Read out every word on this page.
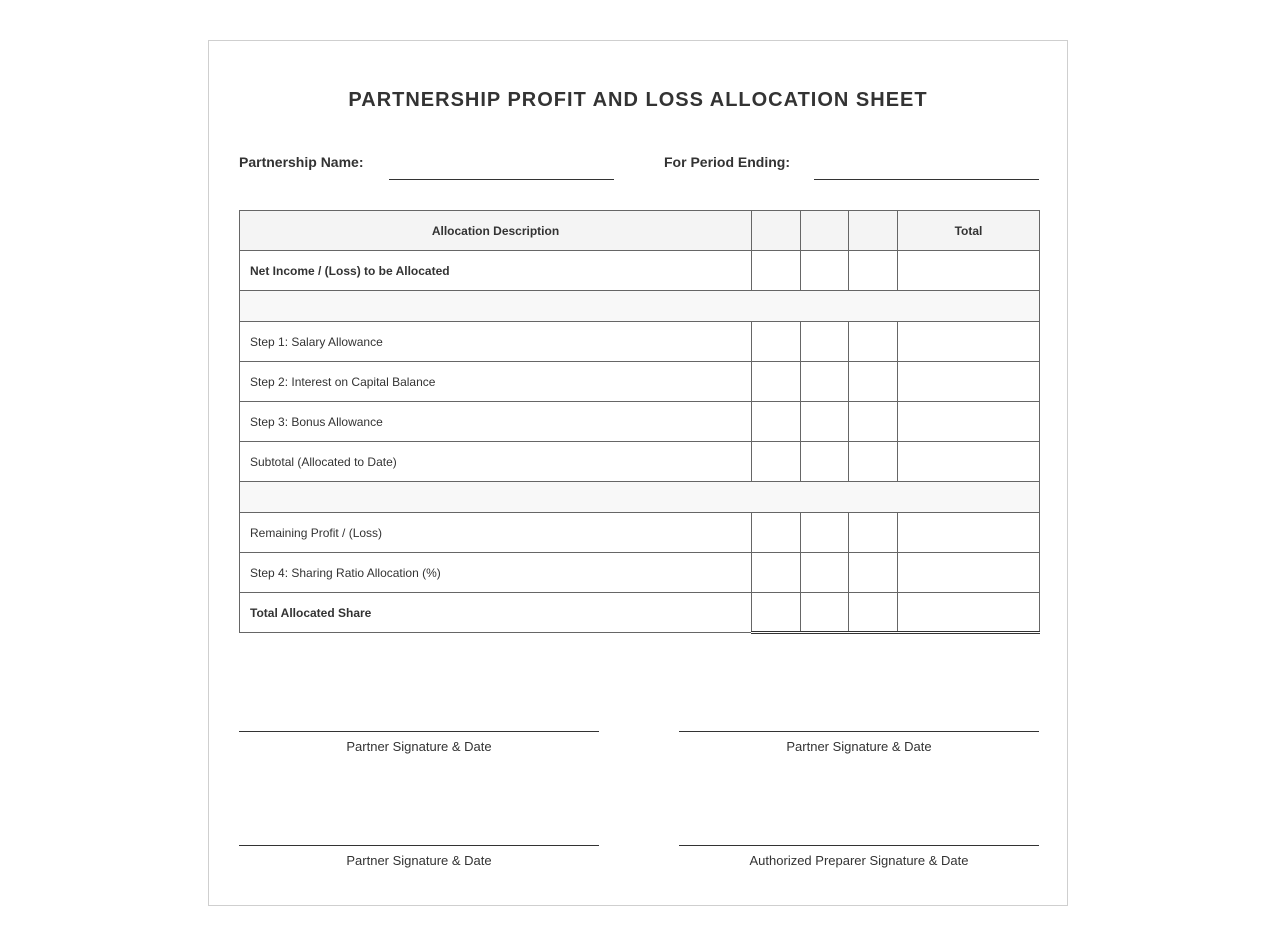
PARTNERSHIP PROFIT AND LOSS ALLOCATION SHEET
Partnership Name:	For Period Ending:
Allocation Description				Total
Net Income / (Loss) to be Allocated				

Step 1: Salary Allowance				
Step 2: Interest on Capital Balance				
Step 3: Bonus Allowance				
Subtotal (Allocated to Date)				

Remaining Profit / (Loss)				
Step 4: Sharing Ratio Allocation (%)				
Total Allocated Share				
Partner Signature & Date	Partner Signature & Date
Partner Signature & Date	Authorized Preparer Signature & Date
